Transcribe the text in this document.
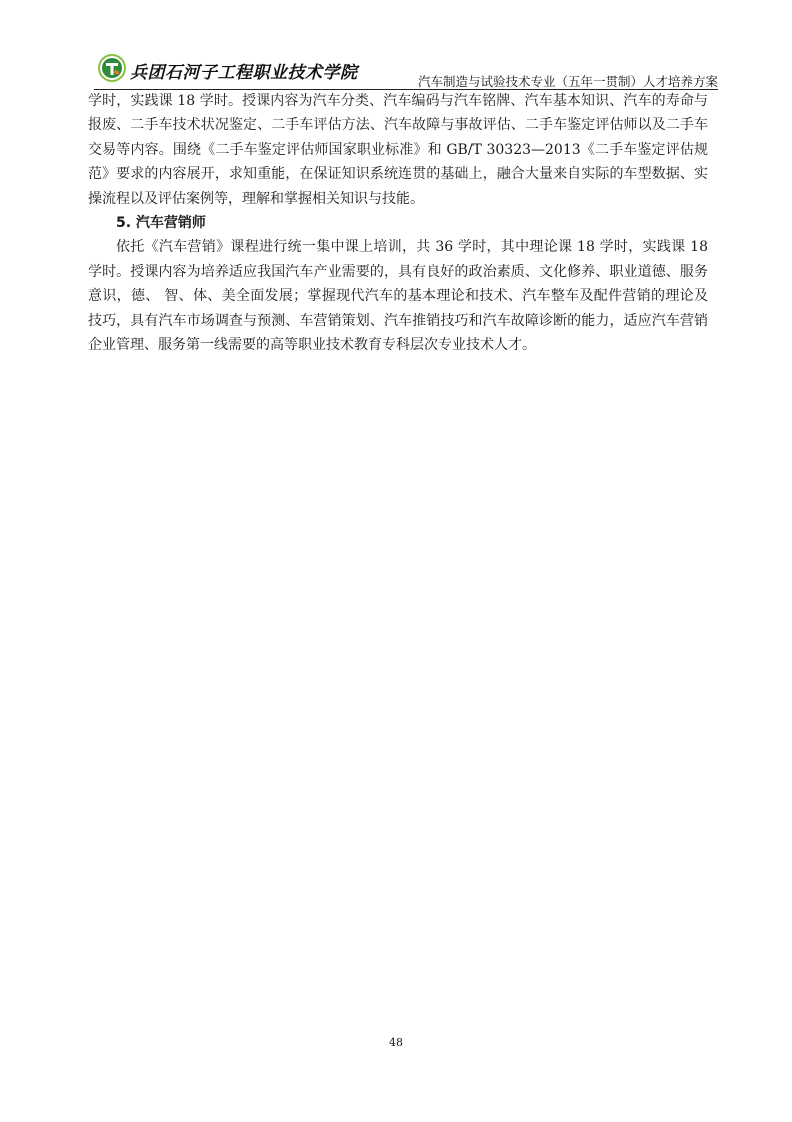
兵团石河子工程职业技术学院	汽车制造与试验技术专业（五年一贯制）人才培养方案

学时，实践课 18 学时。授课内容为汽车分类、汽车编码与汽车铭牌、汽车基本知识、汽车的寿命与报废、二手车技术状况鉴定、二手车评估方法、汽车故障与事故评估、二手车鉴定评估师以及二手车交易等内容。围绕《二手车鉴定评估师国家职业标准》和 GB/T 30323—2013《二手车鉴定评估规范》要求的内容展开，求知重能，在保证知识系统连贯的基础上，融合大量来自实际的车型数据、实操流程以及评估案例等，理解和掌握相关知识与技能。

5. 汽车营销师

依托《汽车营销》课程进行统一集中课上培训，共 36 学时，其中理论课 18 学时，实践课 18 学时。授课内容为培养适应我国汽车产业需要的，具有良好的政治素质、文化修养、职业道德、服务意识，德、 智、体、美全面发展；掌握现代汽车的基本理论和技术、汽车整车及配件营销的理论及技巧，具有汽车市场调查与预测、车营销策划、汽车推销技巧和汽车故障诊断的能力，适应汽车营销企业管理、服务第一线需要的高等职业技术教育专科层次专业技术人才。

48
